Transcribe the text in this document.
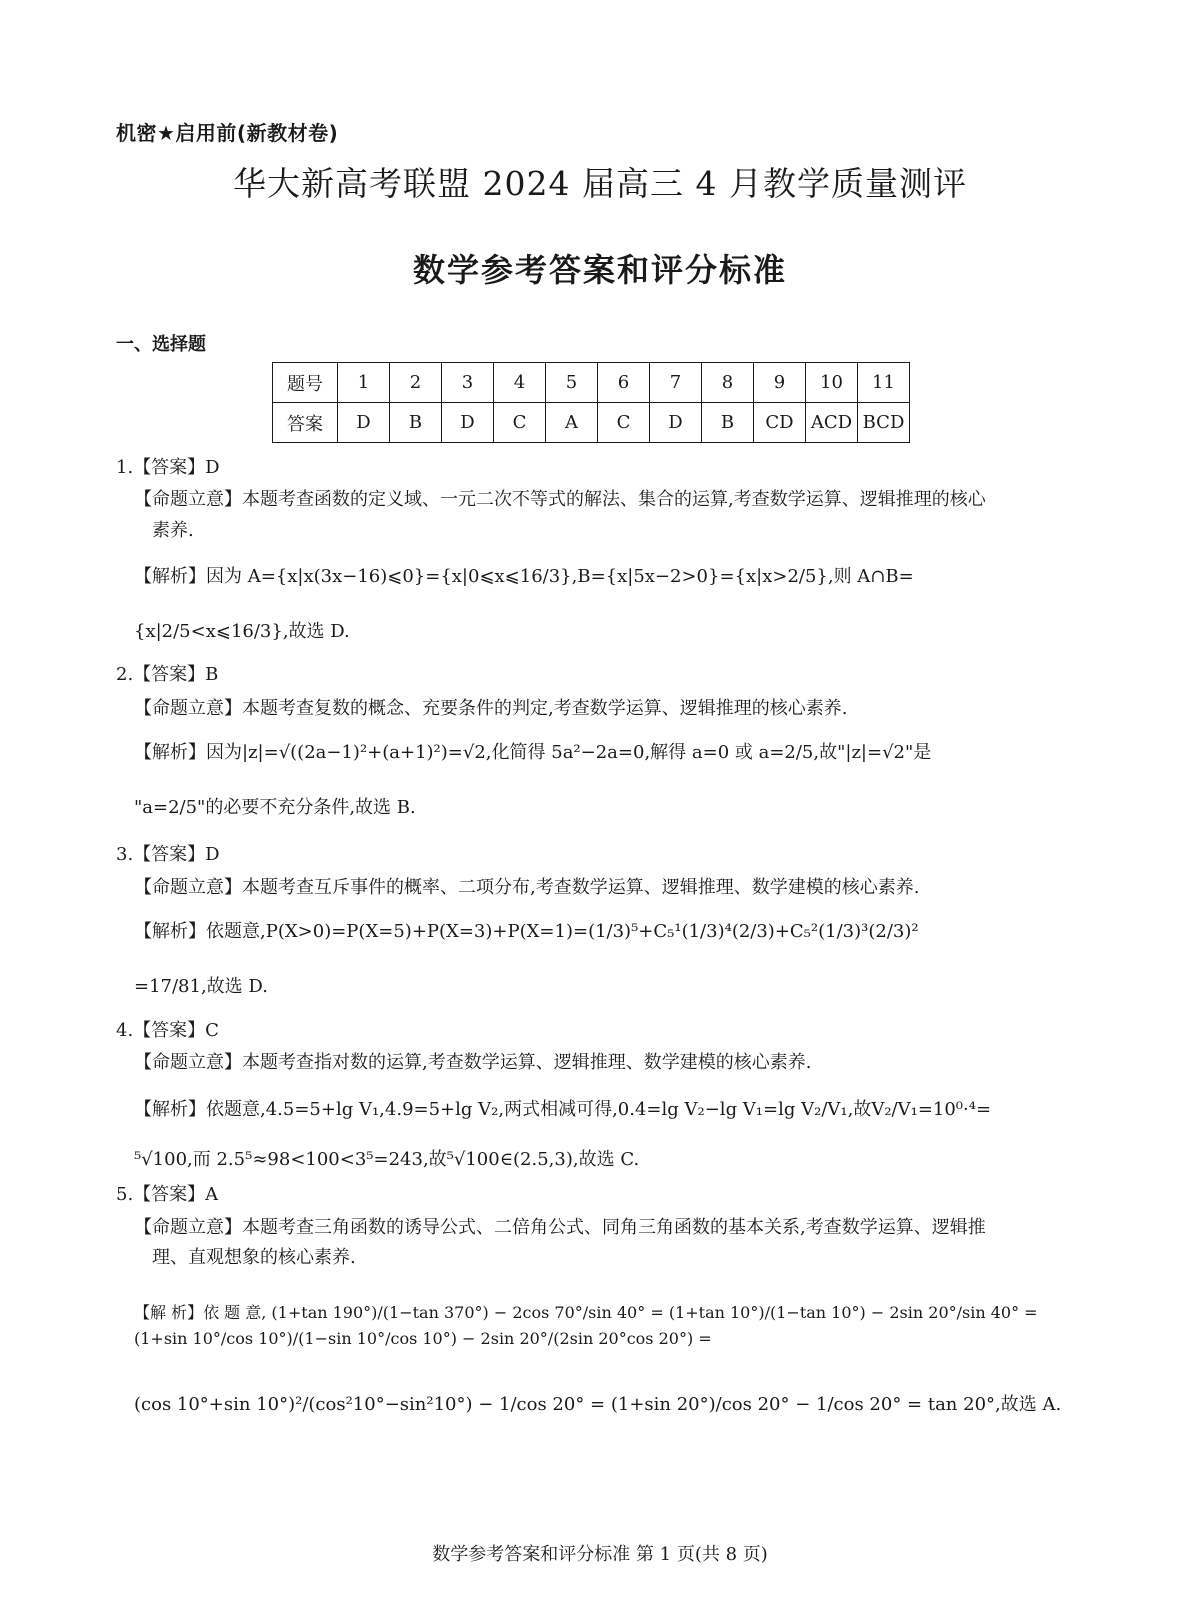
机密★启用前(新教材卷)
华大新高考联盟 2024 届高三 4 月教学质量测评
数学参考答案和评分标准
一、选择题
题号	1	2	3	4	5	6	7	8	9	10	11
答案	D	B	D	C	A	C	D	B	CD	ACD	BCD
1.【答案】D
【命题立意】本题考查函数的定义域、一元二次不等式的解法、集合的运算,考查数学运算、逻辑推理的核心
素养.
【解析】因为 A={x|x(3x−16)⩽0}={x|0⩽x⩽16/3},B={x|5x−2>0}={x|x>2/5},则 A∩B=
{x|2/5<x⩽16/3},故选 D.
2.【答案】B
【命题立意】本题考查复数的概念、充要条件的判定,考查数学运算、逻辑推理的核心素养.
【解析】因为|z|=√((2a−1)²+(a+1)²)=√2,化简得 5a²−2a=0,解得 a=0 或 a=2/5,故"|z|=√2"是
"a=2/5"的必要不充分条件,故选 B.
3.【答案】D
【命题立意】本题考查互斥事件的概率、二项分布,考查数学运算、逻辑推理、数学建模的核心素养.
【解析】依题意,P(X>0)=P(X=5)+P(X=3)+P(X=1)=(1/3)⁵+C₅¹(1/3)⁴(2/3)+C₅²(1/3)³(2/3)²
=17/81,故选 D.
4.【答案】C
【命题立意】本题考查指对数的运算,考查数学运算、逻辑推理、数学建模的核心素养.
【解析】依题意,4.5=5+lg V₁,4.9=5+lg V₂,两式相减可得,0.4=lg V₂−lg V₁=lg V₂/V₁,故V₂/V₁=10⁰·⁴=
⁵√100,而 2.5⁵≈98<100<3⁵=243,故⁵√100∈(2.5,3),故选 C.
5.【答案】A
【命题立意】本题考查三角函数的诱导公式、二倍角公式、同角三角函数的基本关系,考查数学运算、逻辑推
理、直观想象的核心素养.
【解 析】依 题 意, (1+tan 190°)/(1−tan 370°) − 2cos 70°/sin 40° = (1+tan 10°)/(1−tan 10°) − 2sin 20°/sin 40° = (1+sin 10°/cos 10°)/(1−sin 10°/cos 10°) − 2sin 20°/(2sin 20°cos 20°) =
(cos 10°+sin 10°)²/(cos²10°−sin²10°) − 1/cos 20° = (1+sin 20°)/cos 20° − 1/cos 20° = tan 20°,故选 A.
数学参考答案和评分标准 第 1 页(共 8 页)
